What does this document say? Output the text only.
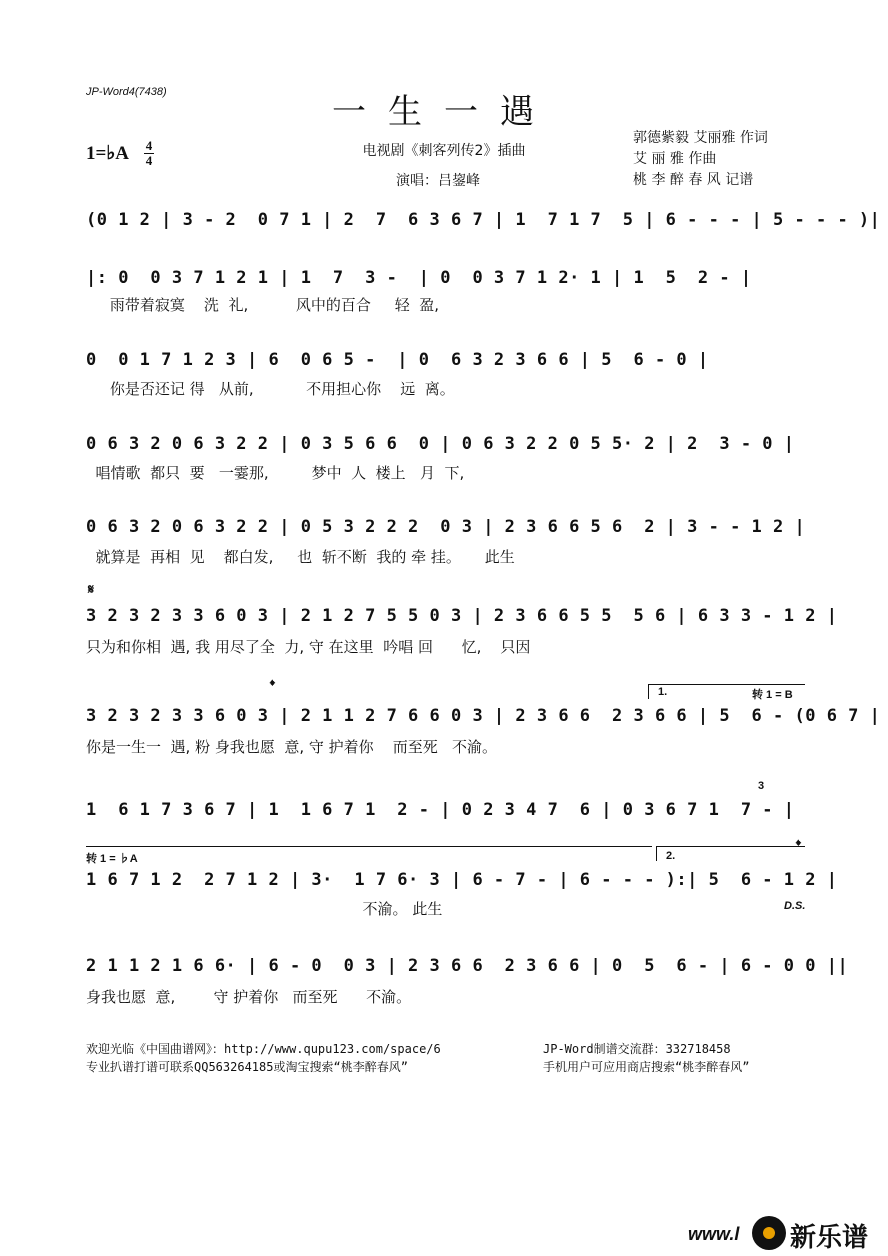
JP-Word4(7438)	一生一遇
1=♭A 4
4
电视剧《刺客列传2》插曲
演唱：吕鋆峰
郭德紫毅 艾丽雅 作词
艾 丽 雅 作曲
桃 李 醉 春 风 记谱
(0 1 2 | 3 - 2  0 7 1 | 2  7  6 3 6 7 | 1  7 1 7  5 | 6 - - - | 5 - - - )|
|: 0  0 3 7 1 2 1 | 1  7  3 -  | 0  0 3 7 1 2· 1 | 1  5  2 - |
雨带着寂寞    洗  礼,          风中的百合     轻  盈,
0  0 1 7 1 2 3 | 6  0 6 5 -  | 0  6 3 2 3 6 6 | 5  6 - 0 |
你是否还记 得   从前,           不用担心你    远  离。
0 6 3 2 0 6 3 2 2 | 0 3 5 6 6  0 | 0 6 3 2 2 0 5 5· 2 | 2  3 - 0 |
唱情歌  都只  要   一霎那,         梦中  人  楼上   月  下,
0 6 3 2 0 6 3 2 2 | 0 5 3 2 2 2  0 3 | 2 3 6 6 5 6  2 | 3 - - 1 2 |
就算是  再相  见    都白发,     也  斩不断  我的 牵 挂。     此生
𝄋
3 2 3 2 3 3 6 0 3 | 2 1 2 7 5 5 0 3 | 2 3 6 6 5 5  5 6 | 6 3 3 - 1 2 |
只为和你相  遇, 我 用尽了全  力, 守 在这里  吟唱 回      忆,    只因
𝄌	1.	转 1 = B
3 2 3 2 3 3 6 0 3 | 2 1 1 2 7 6 6 0 3 | 2 3 6 6  2 3 6 6 | 5  6 - (0 6 7 |
你是一生一  遇, 粉 身我也愿  意, 守 护着你    而至死   不渝。
3
1  6 1 7 3 6 7 | 1  1 6 7 1  2 - | 0 2 3 4 7  6 | 0 3 6 7 1  7 - |
转 1 = ♭A	2.
𝄌
1 6 7 1 2  2 7 1 2 | 3·  1 7 6· 3 | 6 - 7 - | 6 - - - ):| 5  6 - 1 2 |
不渝。 此生	D.S.
2 1 1 2 1 6 6· | 6 - 0  0 3 | 2 3 6 6  2 3 6 6 | 0  5  6 - | 6 - 0 0 ||
身我也愿  意,        守 护着你   而至死      不渝。
欢迎光临《中国曲谱网》：http://www.qupu123.com/space/6
专业扒谱打谱可联系QQ563264185或淘宝搜索“桃李醉春风”
JP-Word制谱交流群：332718458
手机用户可应用商店搜索“桃李醉春风”
www.l 新乐谱
